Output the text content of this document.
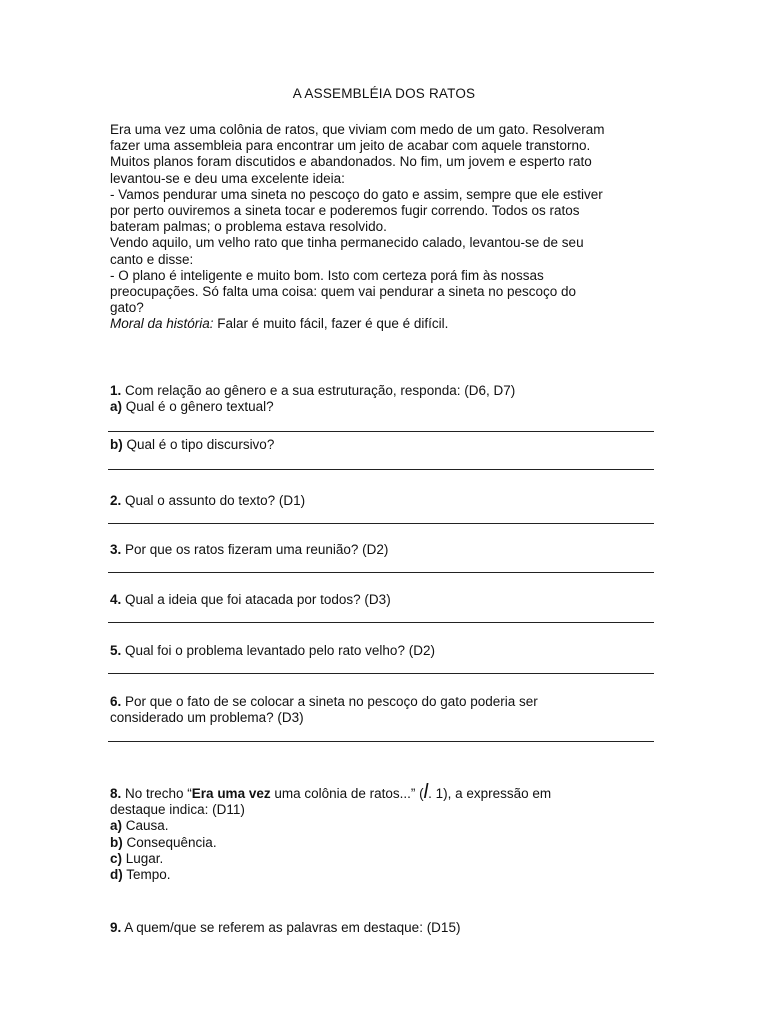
A ASSEMBLÉIA DOS RATOS

Era uma vez uma colônia de ratos, que viviam com medo de um gato. Resolveram

fazer uma assembleia para encontrar um jeito de acabar com aquele transtorno.

Muitos planos foram discutidos e abandonados. No fim, um jovem e esperto rato

levantou-se e deu uma excelente ideia:

- Vamos pendurar uma sineta no pescoço do gato e assim, sempre que ele estiver

por perto ouviremos a sineta tocar e poderemos fugir correndo. Todos os ratos

bateram palmas; o problema estava resolvido.

Vendo aquilo, um velho rato que tinha permanecido calado, levantou-se de seu

canto e disse:

- O plano é inteligente e muito bom. Isto com certeza porá fim às nossas

preocupações. Só falta uma coisa: quem vai pendurar a sineta no pescoço do

gato?

Moral da história: Falar é muito fácil, fazer é que é difícil.

1. Com relação ao gênero e a sua estruturação, responda: (D6, D7)

a) Qual é o gênero textual?

b) Qual é o tipo discursivo?

2. Qual o assunto do texto? (D1)

3. Por que os ratos fizeram uma reunião? (D2)

4. Qual a ideia que foi atacada por todos? (D3)

5. Qual foi o problema levantado pelo rato velho? (D2)

6. Por que o fato de se colocar a sineta no pescoço do gato poderia ser

considerado um problema? (D3)

8. No trecho “Era uma vez uma colônia de ratos...” (l. 1), a expressão em

destaque indica: (D11)

a) Causa.

b) Consequência.

c) Lugar.

d) Tempo.

9. A quem/que se referem as palavras em destaque: (D15)
